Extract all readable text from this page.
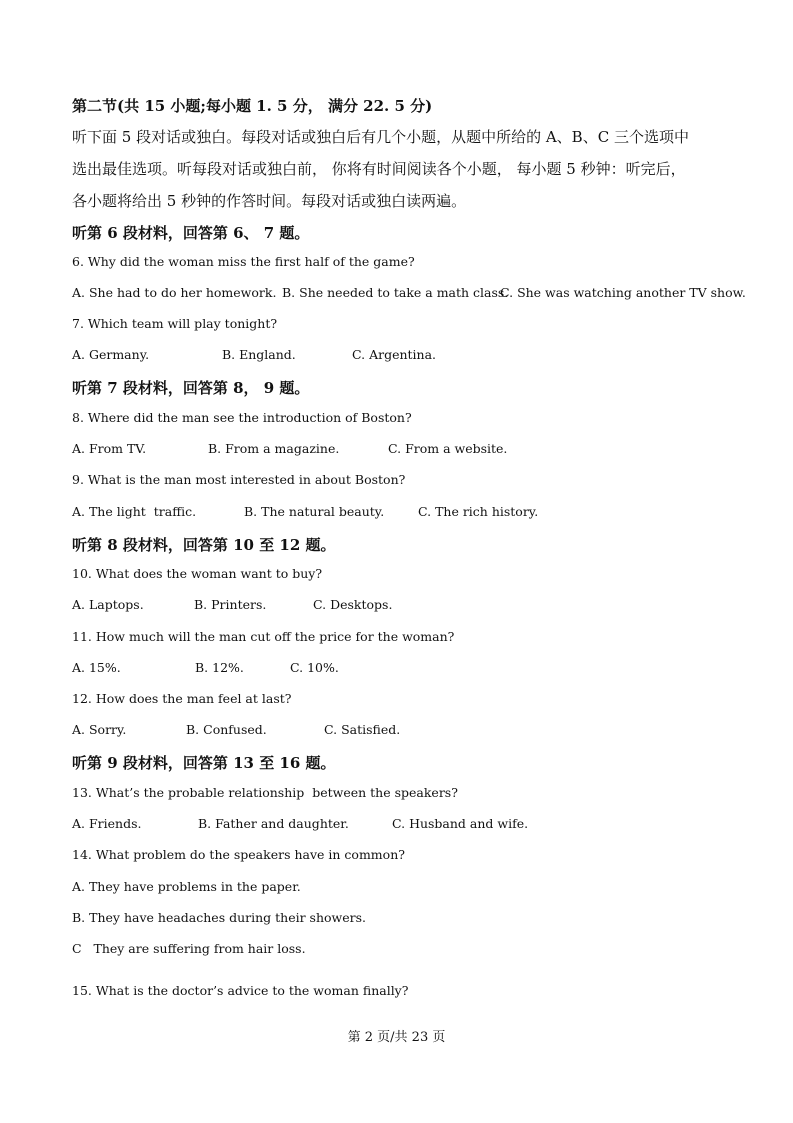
第二节(共 15 小题;每小题 1. 5 分， 满分 22. 5 分)
听下面 5 段对话或独白。每段对话或独白后有几个小题，从题中所给的 A、B、C 三个选项中
选出最佳选项。听每段对话或独白前， 你将有时间阅读各个小题， 每小题 5 秒钟：听完后，
各小题将给出 5 秒钟的作答时间。每段对话或独白读两遍。
听第 6 段材料，回答第 6、 7 题。
6. Why did the woman miss the first half of the game?
A. She had to do her homework. B. She needed to take a math class.
C. She was watching another TV show.
7. Which team will play tonight?
A. Germany.	B. England.	C. Argentina.
听第 7 段材料，回答第 8， 9 题。
8. Where did the man see the introduction of Boston?
A. From TV.	B. From a magazine.	C. From a website.
9. What is the man most interested in about Boston?
A. The light  traffic.	B. The natural beauty.	C. The rich history.
听第 8 段材料，回答第 10 至 12 题。
10. What does the woman want to buy?
A. Laptops.	B. Printers.	C. Desktops.
11. How much will the man cut off the price for the woman?
A. 15%.	B. 12%.	C. 10%.
12. How does the man feel at last?
A. Sorry.	B. Confused.	C. Satisfied.
听第 9 段材料，回答第 13 至 16 题。
13. What’s the probable relationship  between the speakers?
A. Friends.	B. Father and daughter.	C. Husband and wife.
14. What problem do the speakers have in common?
A. They have problems in the paper.
B. They have headaches during their showers.
C   They are suffering from hair loss.
15. What is the doctor’s advice to the woman finally?
第 2 页/共 23 页
